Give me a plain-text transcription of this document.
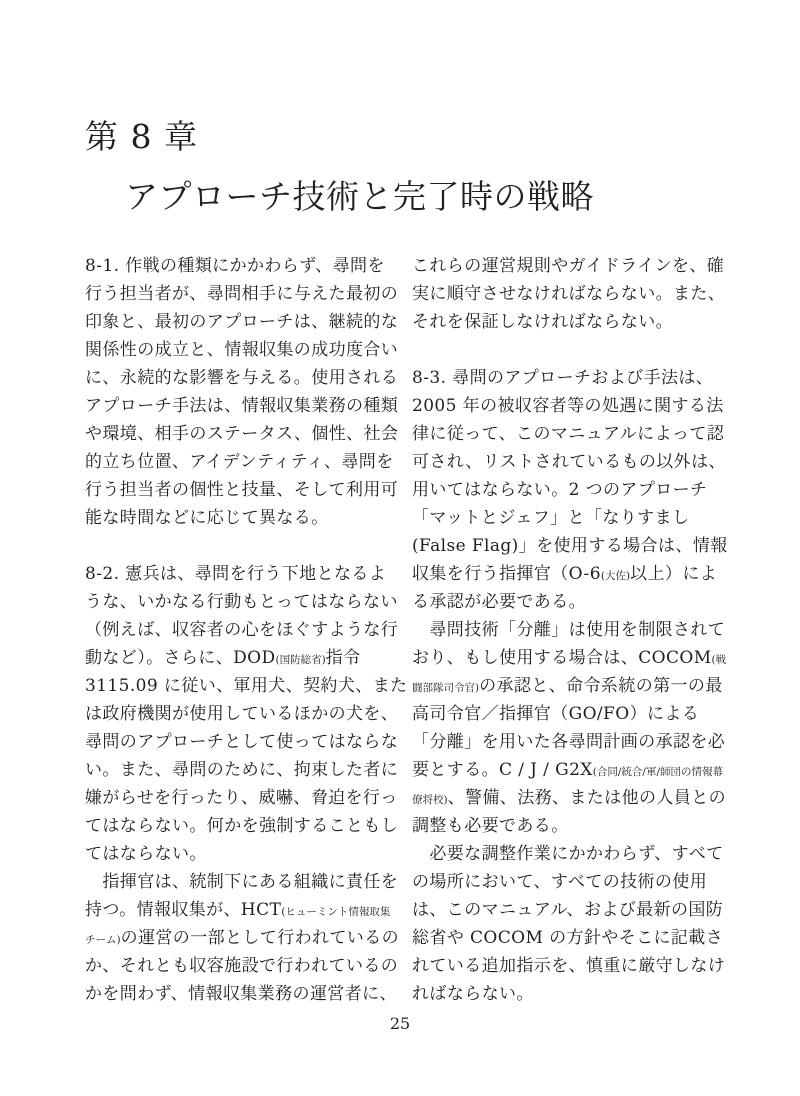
第 8 章
アプローチ技術と完了時の戦略
8-1. 作戦の種類にかかわらず、尋問を
行う担当者が、尋問相手に与えた最初の
印象と、最初のアプローチは、継続的な
関係性の成立と、情報収集の成功度合い
に、永続的な影響を与える。使用される
アプローチ手法は、情報収集業務の種類
や環境、相手のステータス、個性、社会
的立ち位置、アイデンティティ、尋問を
行う担当者の個性と技量、そして利用可
能な時間などに応じて異なる。

8-2. 憲兵は、尋問を行う下地となるよ
うな、いかなる行動もとってはならない
（例えば、収容者の心をほぐすような行
動など）。さらに、DOD(国防総省)指令
3115.09 に従い、軍用犬、契約犬、また
は政府機関が使用しているほかの犬を、
尋問のアプローチとして使ってはならな
い。また、尋問のために、拘束した者に
嫌がらせを行ったり、威嚇、脅迫を行っ
てはならない。何かを強制することもし
てはならない。
　指揮官は、統制下にある組織に責任を
持つ。情報収集が、HCT(ヒューミント情報取集
チーム)の運営の一部として行われているの
か、それとも収容施設で行われているの
かを問わず、情報収集業務の運営者に、
これらの運営規則やガイドラインを、確
実に順守させなければならない。また、
それを保証しなければならない。

8-3. 尋問のアプローチおよび手法は、
2005 年の被収容者等の処遇に関する法
律に従って、このマニュアルによって認
可され、リストされているもの以外は、
用いてはならない。2 つのアプローチ
「マットとジェフ」と「なりすまし
(False Flag)」を使用する場合は、情報
収集を行う指揮官（O-6(大佐)以上）によ
る承認が必要である。
　尋問技術「分離」は使用を制限されて
おり、もし使用する場合は、COCOM(戦
闘部隊司令官)の承認と、命令系統の第一の最
高司令官／指揮官（GO/FO）による
「分離」を用いた各尋問計画の承認を必
要とする。C / J / G2X(合同/統合/軍/師団の情報幕
僚将校)、警備、法務、または他の人員との
調整も必要である。
　必要な調整作業にかかわらず、すべて
の場所において、すべての技術の使用
は、このマニュアル、および最新の国防
総省や COCOM の方針やそこに記載さ
れている追加指示を、慎重に厳守しなけ
ればならない。
25
